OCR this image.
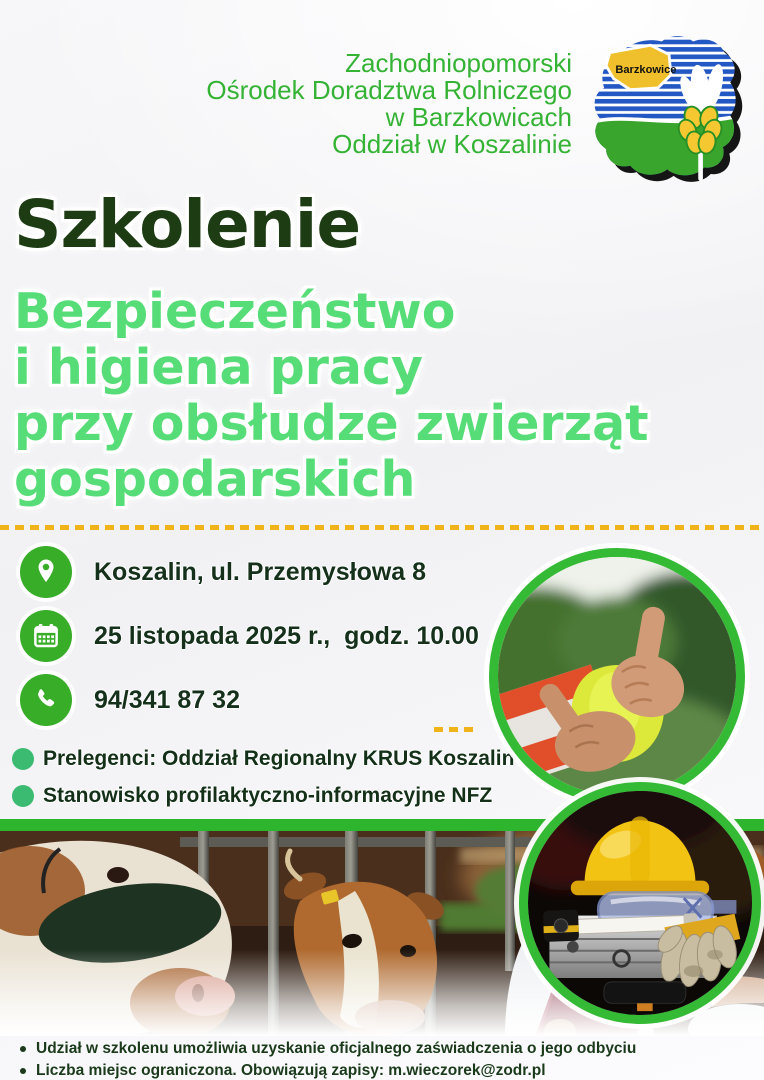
Zachodniopomorski
Ośrodek Doradztwa Rolniczego
w Barzkowicach
Oddział w Koszalinie
Barzkowice
Szkolenie
Bezpieczeństwo
i higiena pracy
przy obsłudze zwierząt
gospodarskich
Koszalin, ul. Przemysłowa 8
25 listopada 2025 r.,  godz. 10.00
94/341 87 32
Prelegenci: Oddział Regionalny KRUS Koszalin
Stanowisko profilaktyczno-informacyjne NFZ
Udział w szkolenu umożliwia uzyskanie oficjalnego zaświadczenia o jego odbyciu
Liczba miejsc ograniczona. Obowiązują zapisy: m.wieczorek@zodr.pl
